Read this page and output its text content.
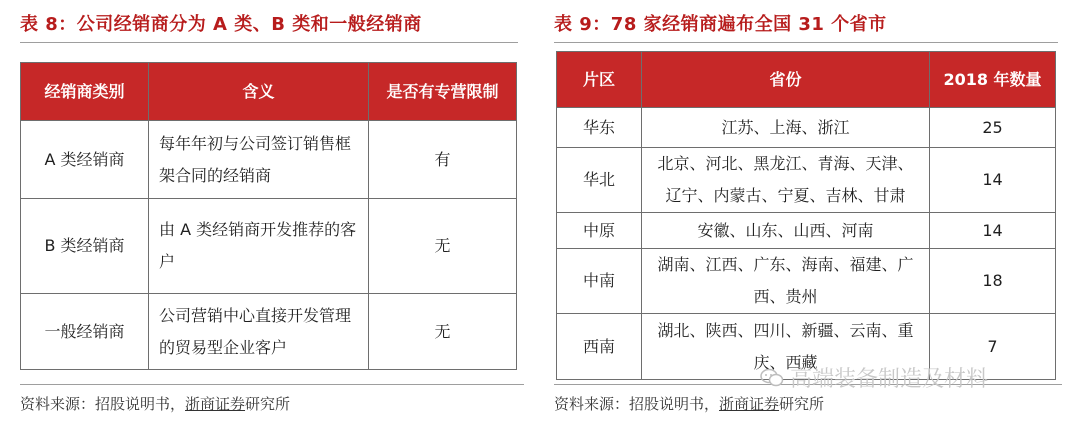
表 8：公司经销商分为 A 类、B 类和一般经销商
经销商类别	含义	是否有专营限制
A 类经销商	每年年初与公司签订销售框架合同的经销商	有
B 类经销商	由 A 类经销商开发推荐的客户	无
一般经销商	公司营销中心直接开发管理的贸易型企业客户	无
资料来源：招股说明书，浙商证券研究所
表 9：78 家经销商遍布全国 31 个省市
片区	省份	2018 年数量
华东	江苏、上海、浙江	25
华北	北京、河北、黑龙江、青海、天津、辽宁、内蒙古、宁夏、吉林、甘肃	14
中原	安徽、山东、山西、河南	14
中南	湖南、江西、广东、海南、福建、广西、贵州	18
西南	湖北、陕西、四川、新疆、云南、重庆、西藏	7
资料来源：招股说明书，浙商证券研究所
高端装备制造及材料
